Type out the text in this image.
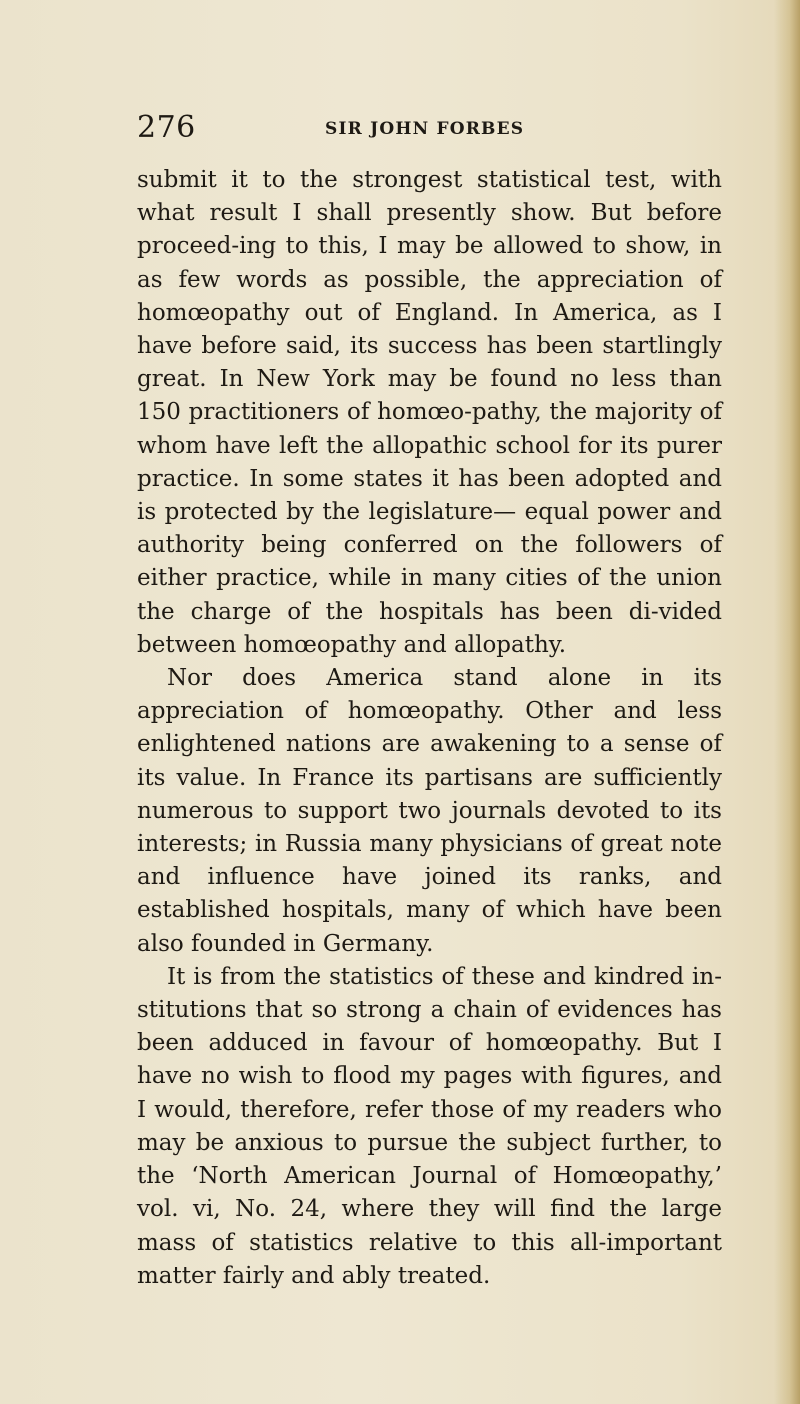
276	SIR JOHN FORBES

submit it to the strongest statistical test, with what result I shall presently show. But before proceed-ing to this, I may be allowed to show, in as few words as possible, the appreciation of homœopathy out of England. In America, as I have before said, its success has been startlingly great. In New York may be found no less than 150 practitioners of homœo-pathy, the majority of whom have left the allopathic school for its purer practice. In some states it has been adopted and is protected by the legislature— equal power and authority being conferred on the followers of either practice, while in many cities of the union the charge of the hospitals has been di-vided between homœopathy and allopathy.

Nor does America stand alone in its appreciation of homœopathy. Other and less enlightened nations are awakening to a sense of its value. In France its partisans are sufficiently numerous to support two journals devoted to its interests; in Russia many physicians of great note and influence have joined its ranks, and established hospitals, many of which have been also founded in Germany.

It is from the statistics of these and kindred in-stitutions that so strong a chain of evidences has been adduced in favour of homœopathy. But I have no wish to flood my pages with figures, and I would, therefore, refer those of my readers who may be anxious to pursue the subject further, to the ‘North American Journal of Homœopathy,’ vol. vi, No. 24, where they will find the large mass of statistics relative to this all-important matter fairly and ably treated.
